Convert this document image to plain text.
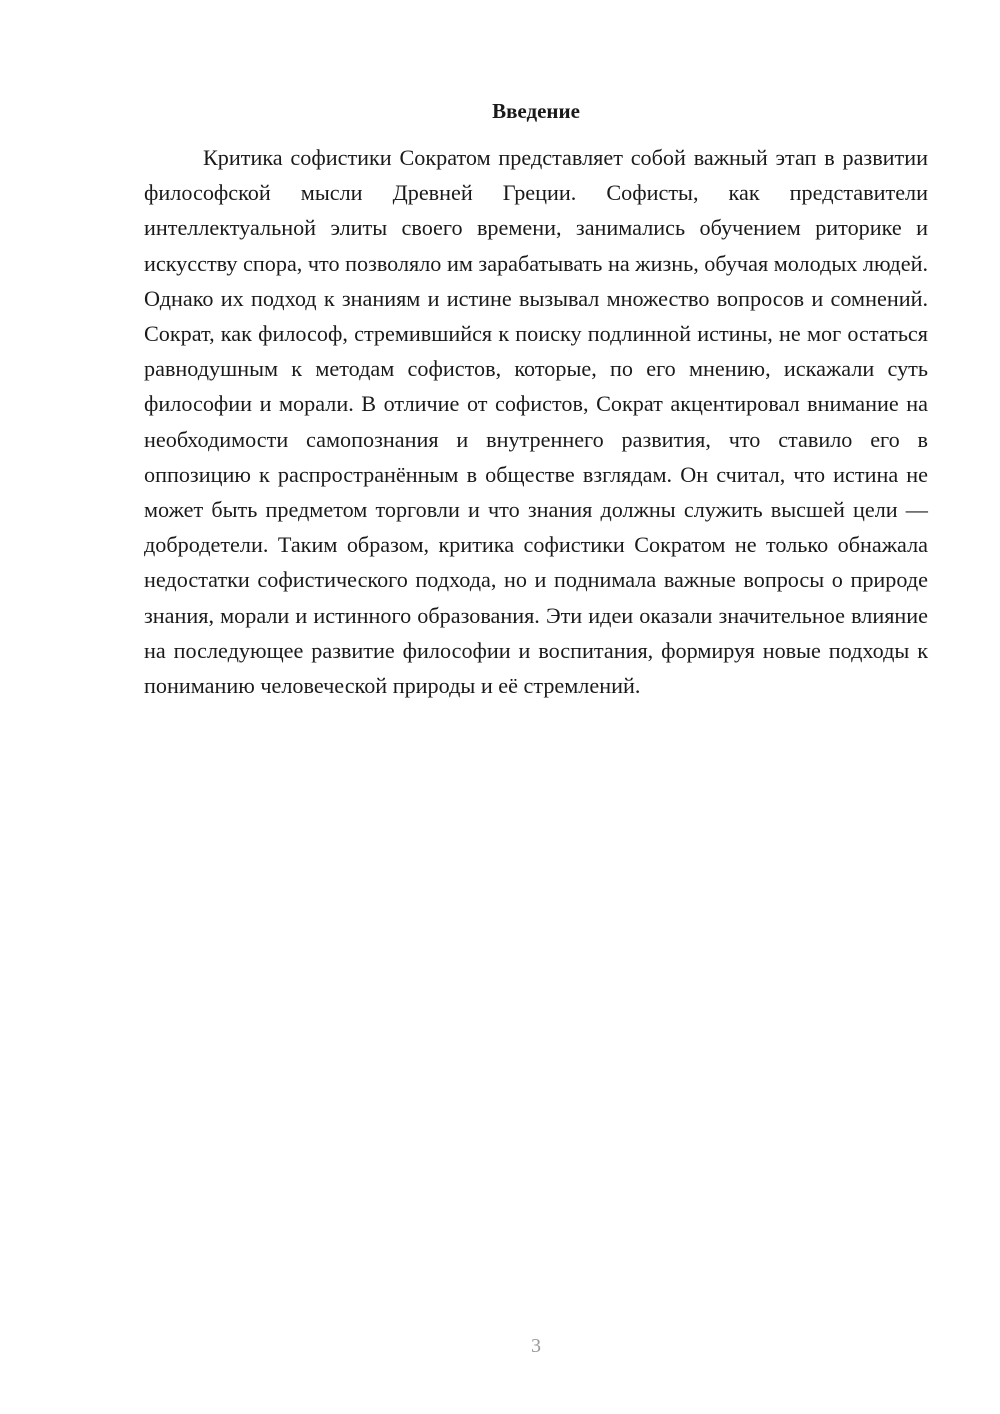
Введение

Критика софистики Сократом представляет собой важный этап в развитии философской мысли Древней Греции. Софисты, как представители интеллектуальной элиты своего времени, занимались обучением риторике и искусству спора, что позволяло им зарабатывать на жизнь, обучая молодых людей. Однако их подход к знаниям и истине вызывал множество вопросов и сомнений. Сократ, как философ, стремившийся к поиску подлинной истины, не мог остаться равнодушным к методам софистов, которые, по его мнению, искажали суть философии и морали. В отличие от софистов, Сократ акцентировал внимание на необходимости самопознания и внутреннего развития, что ставило его в оппозицию к распространённым в обществе взглядам. Он считал, что истина не может быть предметом торговли и что знания должны служить высшей цели — добродетели. Таким образом, критика софистики Сократом не только обнажала недостатки софистического подхода, но и поднимала важные вопросы о природе знания, морали и истинного образования. Эти идеи оказали значительное влияние на последующее развитие философии и воспитания, формируя новые подходы к пониманию человеческой природы и её стремлений.

3
